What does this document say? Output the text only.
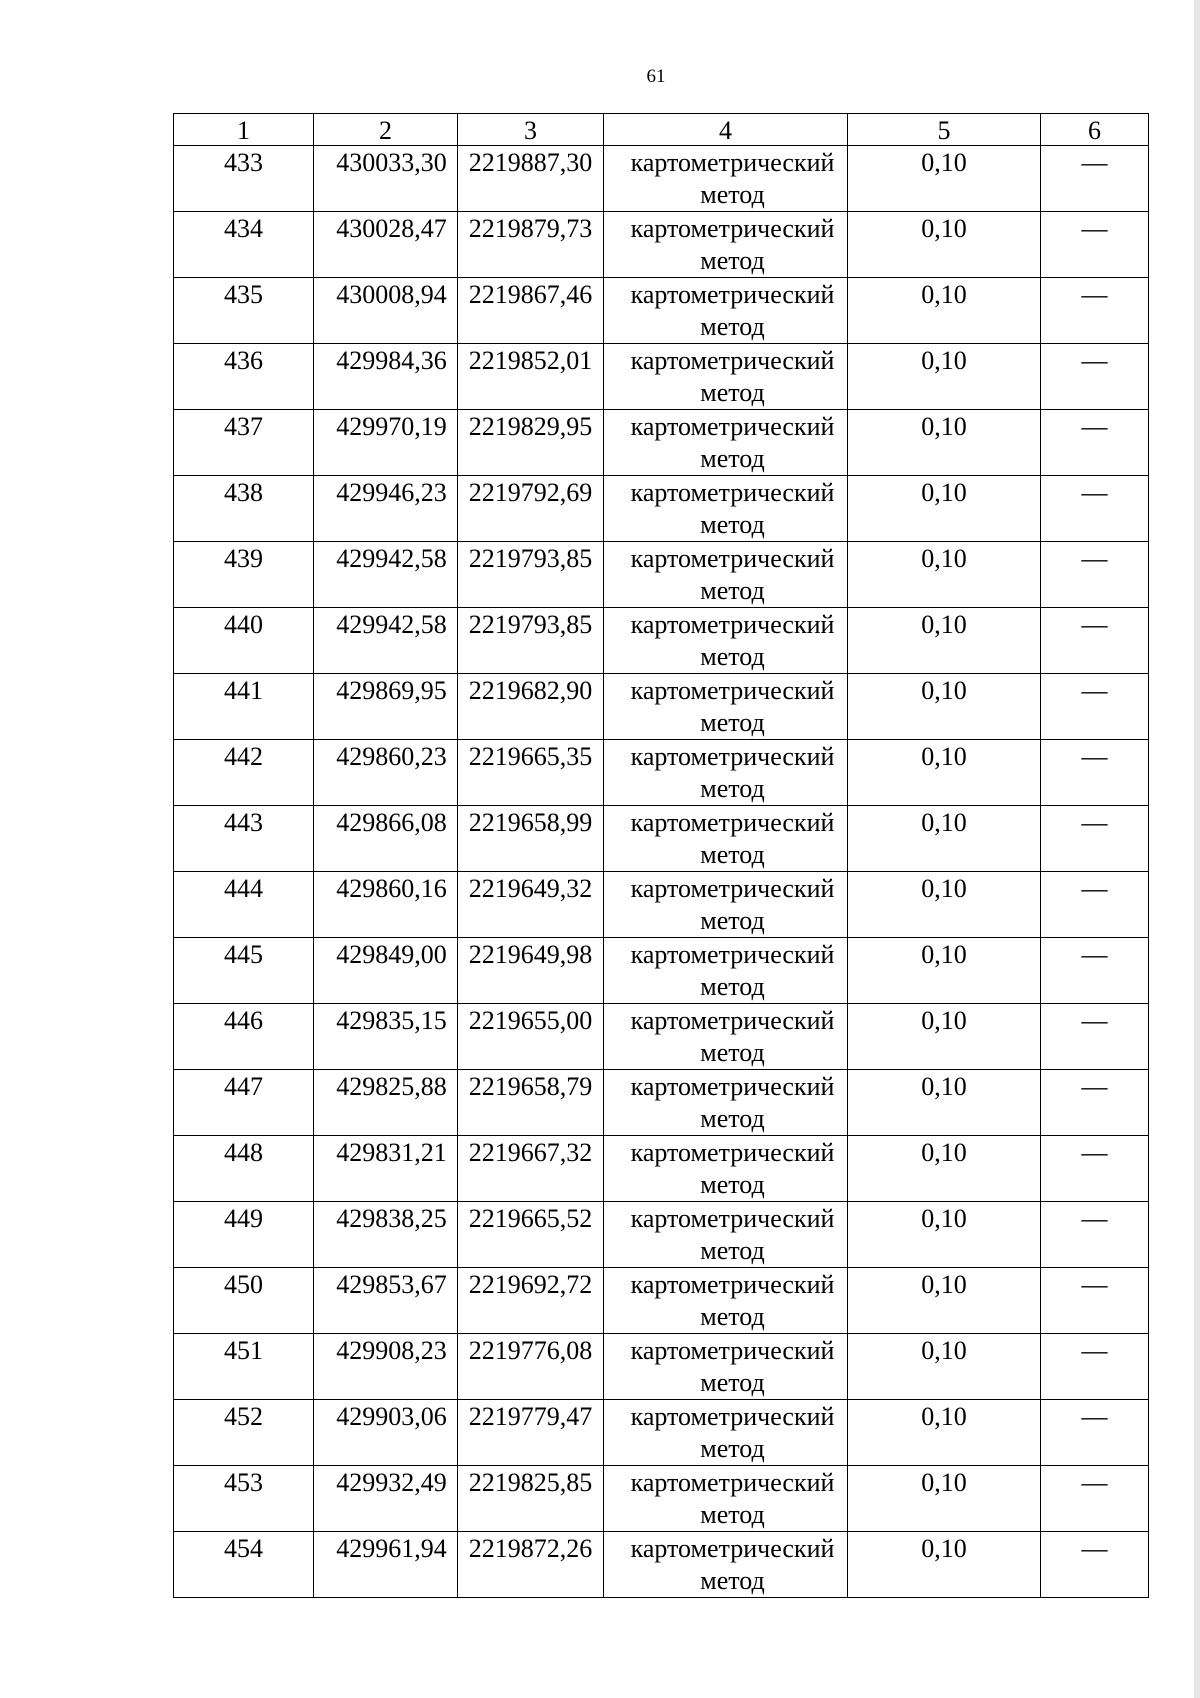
61
1	2	3	4	5	6

433	430033,30	2219887,30	картометрический метод	0,10	—

434	430028,47	2219879,73	картометрический метод	0,10	—

435	430008,94	2219867,46	картометрический метод	0,10	—

436	429984,36	2219852,01	картометрический метод	0,10	—

437	429970,19	2219829,95	картометрический метод	0,10	—

438	429946,23	2219792,69	картометрический метод	0,10	—

439	429942,58	2219793,85	картометрический метод	0,10	—

440	429942,58	2219793,85	картометрический метод	0,10	—

441	429869,95	2219682,90	картометрический метод	0,10	—

442	429860,23	2219665,35	картометрический метод	0,10	—

443	429866,08	2219658,99	картометрический метод	0,10	—

444	429860,16	2219649,32	картометрический метод	0,10	—

445	429849,00	2219649,98	картометрический метод	0,10	—

446	429835,15	2219655,00	картометрический метод	0,10	—

447	429825,88	2219658,79	картометрический метод	0,10	—

448	429831,21	2219667,32	картометрический метод	0,10	—

449	429838,25	2219665,52	картометрический метод	0,10	—

450	429853,67	2219692,72	картометрический метод	0,10	—

451	429908,23	2219776,08	картометрический метод	0,10	—

452	429903,06	2219779,47	картометрический метод	0,10	—

453	429932,49	2219825,85	картометрический метод	0,10	—

454	429961,94	2219872,26	картометрический метод	0,10	—
